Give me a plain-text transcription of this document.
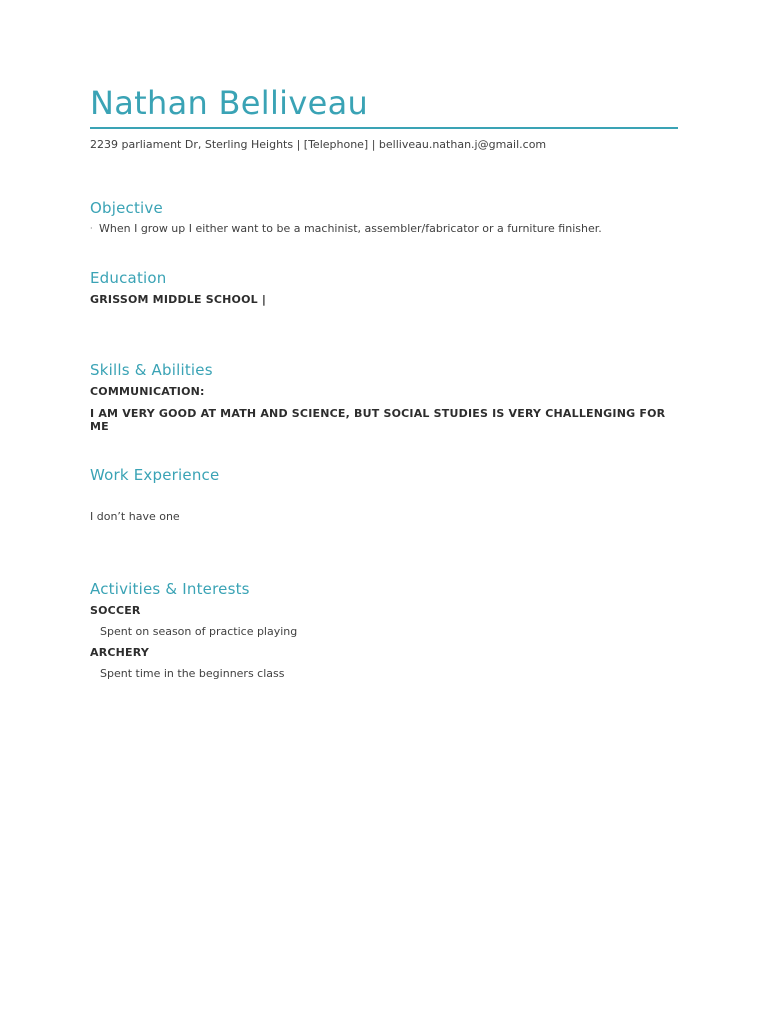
Nathan Belliveau
2239 parliament Dr, Sterling Heights | [Telephone] | belliveau.nathan.j@gmail.com
Objective
· When I grow up I either want to be a machinist, assembler/fabricator or a furniture finisher.
Education
GRISSOM MIDDLE SCHOOL |
Skills & Abilities
COMMUNICATION:
I AM VERY GOOD AT MATH AND SCIENCE, BUT SOCIAL STUDIES IS VERY CHALLENGING FOR
ME
Work Experience
I don’t have one
Activities & Interests
SOCCER
Spent on season of practice playing
ARCHERY
Spent time in the beginners class
